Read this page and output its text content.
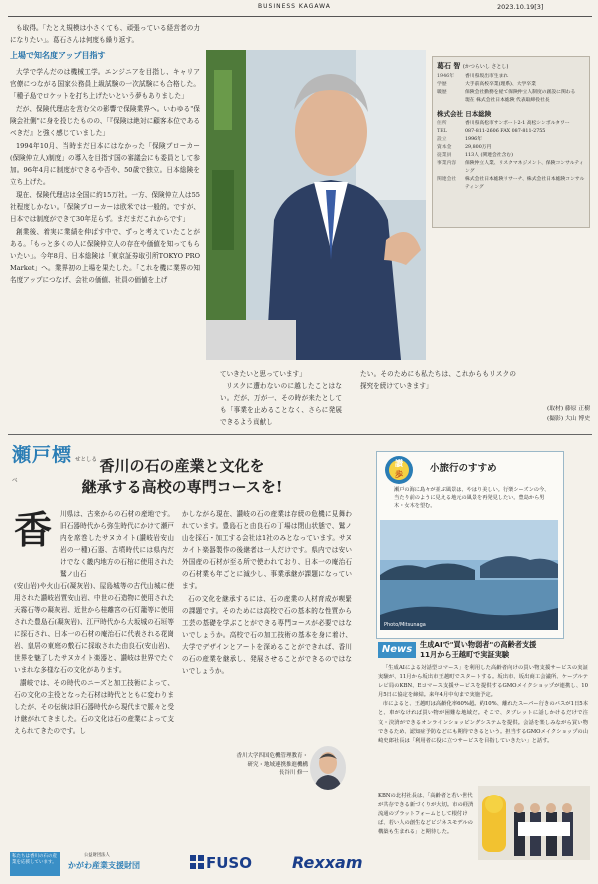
BUSINESS KAGAWA	2023.10.19[3]

も取得。「たとえ規模は小さくても、頑張っている経営者の力になりたい」。葛石さんは何度も繰り返す。

上場で知名度アップ目指す

大学で学んだのは機械工学。エンジニアを目指し、キャリア官僚につながる国家公務員上級試験の一次試験にも合格した。「種子島でロケットを打ち上げたいという夢もありました」

だが、保険代理店を営む父の影響で保険業界へ。いわゆる"保険会社側"に身を投じたものの、「『保険は絶対に顧客本位であるべきだ』と強く感じていました」

1994年10月、当時まだ日本にはなかった「保険ブローカー(保険仲立人)制度」の導入を目指す国の審議会にも委員として参加。96年4月に制度ができるや否や、50歳で独立。日本総険を立ち上げた。

現在、保険代理店は全国に約15万社。一方、保険仲立人は55社程度しかない。「保険ブローカーは欧米では一般的。ですが、日本では制度ができて30年足らず。まだまだこれからです」

創業後、着実に業績を伸ばす中で、ずっと考えていたことがある。「もっと多くの人に保険仲立人の存在や価値を知ってもらいたい」。今年8月、日本総険は「東京証券取引所TOKYO PRO Market」へ。業界初の上場を果たした。「これを機に業界の知名度アップにつなげ、会社の価値、社員の価値を上げ

葛石 智 (かつらいし さとし)
1946年	香川県坂出市生まれ
学歴	大手前高校卒業(理系)、大学卒業
職歴	保険会社勤務を経て保険仲立人制度の創設に関わる
現在 株式会社日本総険 代表取締役社長
株式会社 日本総険
住所	香川県高松市サンポート2-1 高松シンボルタワー
TEL	087-811-2606 FAX 087-811-2755
設立	1996年
資本金	29,800万円
従業員	113人 (関連会社含む)
事業内容	保険仲立人業、リスクマネジメント、保険コンサルティング
関連会社	株式会社日本総険リサーチ、株式会社日本総険コンサルティング
ていきたいと思っています」
リスクに遭わないのに越したことはない。だが、万が一、その時が来たとしても「事業を止めることなく、さらに発展できるよう貢献し
たい。そのためにも私たちは、これからもリスクの探究を続けていきます」
(取材) 藤原 正樹
(撮影) 大山 博史
瀬戸標 せとしるべ
香川の石の産業と文化を
継承する高校の専門コースを!
香	川県は、古来からの石材の産地です。旧石器時代から弥生時代にかけて瀬戸内を席巻したサヌカイト(讃岐岩安山岩の一種)石器、古墳時代には県内だけでなく畿内地方の石棺に使用された鷲ノ山石

(安山岩)や火山石(凝灰岩)、屋島城等の古代山城に使用された讃岐岩質安山岩、中世の石造物に使用された天霧石等の凝灰岩、近世から桂離宮の石灯籠等に使用された豊島石(凝灰岩)、江戸時代から大坂城の石垣等に採石され、日本一の石材の庵治石に代表される花崗岩、皇居の東庭の敷石に採取された由良石(安山岩)、世界を魅了したサヌカイト楽器と、讃岐は世界でたぐいまれな多様な石の文化があります。

讃岐では、その時代のニーズと加工技術によって、石の文化の主役となった石材は時代とともに変わりましたが、その伝統は旧石器時代から現代まで脈々と受け継がれてきました。石の文化は石の産業によって支えられてきたのです。し

かしながら現在、讃岐の石の産業は存続の危機に見舞われています。豊島石と由良石の丁場は閉山状態で、鷲ノ山を採石・加工する会社は1社のみとなっています。サヌカイト楽器製作の後継者は一人だけです。県内では安い外国産の石材が至る所で使われており、日本一の庵治石の石材業も年ごとに減少し、事業承継が課題になっています。

石の文化を継承するには、石の産業の人材育成が喫緊の課題です。そのためには高校で石の基本的な性質から工芸の基礎を学ぶことができる専門コースが必要ではないでしょうか。高校で石の加工技術の基本を身に着け、大学でデザインとアートを深めることができれば、香川の石の産業を継承し、発展させることができるのではないでしょうか。

香川大学四国危機管理教育・
研究・地域連携推進機構
長谷川 修一
讃
歩	小旅行のすすめ
瀬戸の海に島々が並ぶ風景は、やはり美しい。行楽シーズンの今、当たり前のように見える地元の風景を再発見したい。豊島から男木・女木を望む。
Photo/Mitsunaga
News	生成AIで"買い物弱者"の高齢者支援
11月から王越町で実証実験

「生成AIによる対話型コマース」を利用した高齢者向けの買い物支援サービスの実証実験が、11月から坂出市王越町でスタートする。坂出市、坂出商工会議所、ケーブルテレビ局のKBN、Eコマース支援サービスを提供するGMOメイクショップが連携し、10月5日に協定を締結。来年4月中旬まで実施予定。

市によると、王越町は高齢化率60%超。約10%、離れたスーパー行きのバスが1日5本と、車がなければ買い物が困難な地域だ。そこで、タブレットに話しかけるだけで注文・決済ができるオンラインショッピングシステムを提供。会話を楽しみながら買い物できるため、認知症予防などにも期待できるという。担当するGMOメイクショップの山崎史郎社長は「利用者に役に立つサービスを目指していきたい」と話す。

KBNの北村社長は、「高齢者と若い世代が共存できる新づくりが大切。市の経済流通のプラットフォームとして根付けば、若い人の創生などビジネスモデルの構築も生まれる」と期待した。
私たちは香川の石の産業を応援しています。
公益財団法人
かがわ産業支援財団	FUSO	Rexxam
